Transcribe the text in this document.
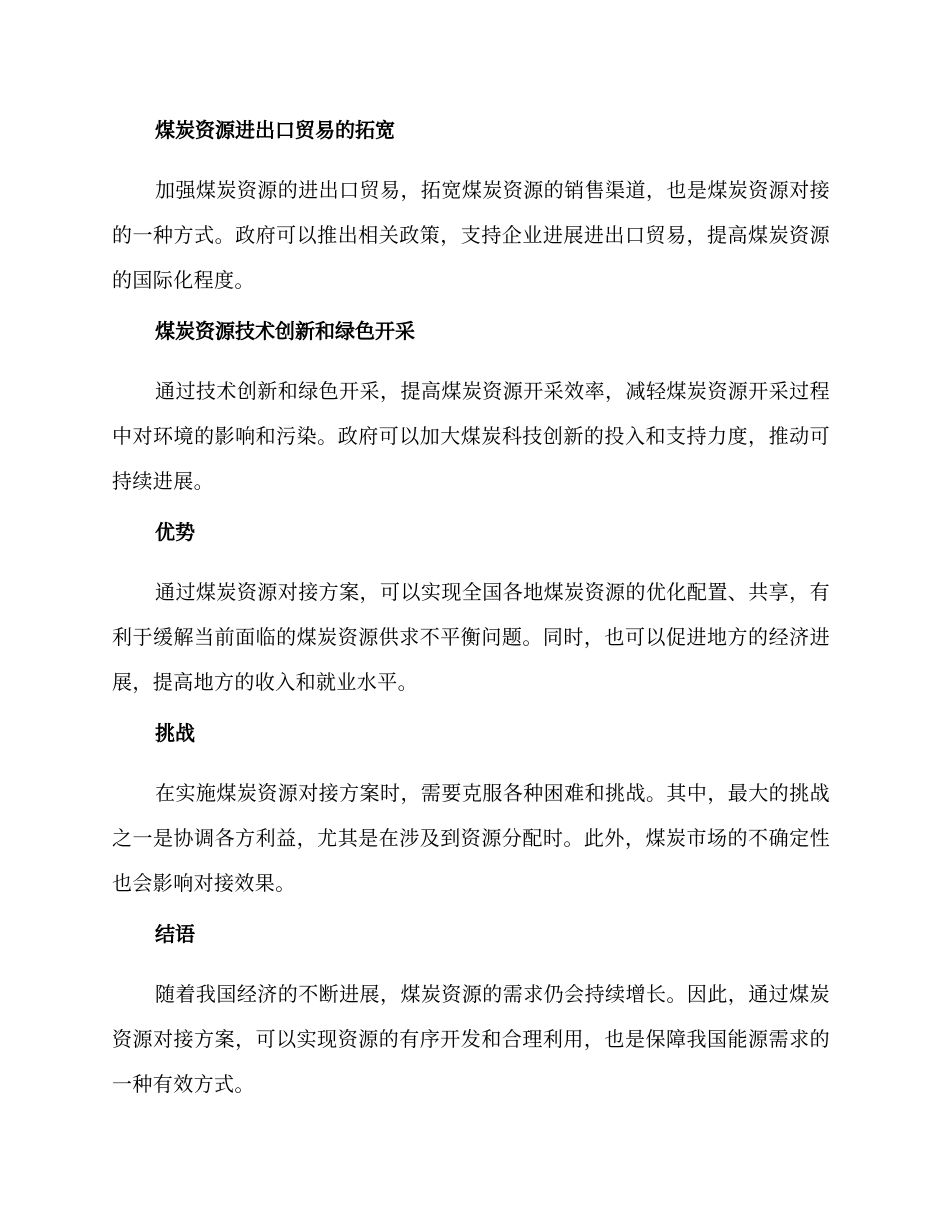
煤炭资源进出口贸易的拓宽

加强煤炭资源的进出口贸易，拓宽煤炭资源的销售渠道，也是煤炭资源对接的一种方式。政府可以推出相关政策，支持企业进展进出口贸易，提高煤炭资源的国际化程度。

煤炭资源技术创新和绿色开采

通过技术创新和绿色开采，提高煤炭资源开采效率，减轻煤炭资源开采过程中对环境的影响和污染。政府可以加大煤炭科技创新的投入和支持力度，推动可持续进展。

优势

通过煤炭资源对接方案，可以实现全国各地煤炭资源的优化配置、共享，有利于缓解当前面临的煤炭资源供求不平衡问题。同时，也可以促进地方的经济进展，提高地方的收入和就业水平。

挑战

在实施煤炭资源对接方案时，需要克服各种困难和挑战。其中，最大的挑战之一是协调各方利益，尤其是在涉及到资源分配时。此外，煤炭市场的不确定性也会影响对接效果。

结语

随着我国经济的不断进展，煤炭资源的需求仍会持续增长。因此，通过煤炭资源对接方案，可以实现资源的有序开发和合理利用，也是保障我国能源需求的一种有效方式。
